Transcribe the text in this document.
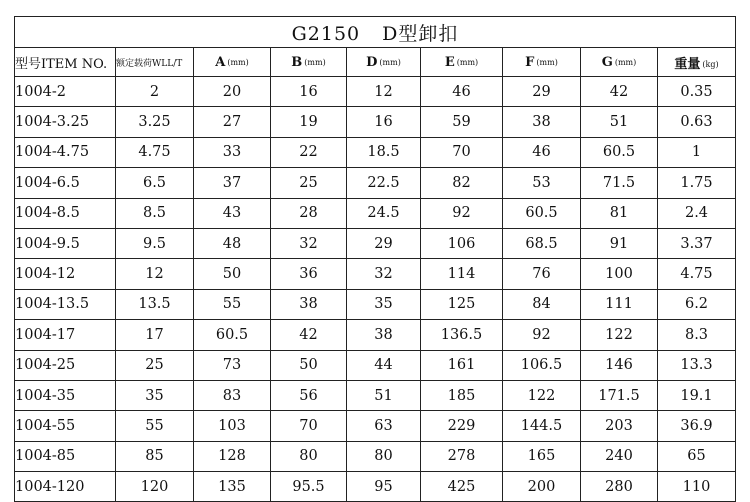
G2150 D型卸扣								
型号ITEM NO.	额定载荷WLL/T	A (mm)	B (mm)	D (mm)	E (mm)	F (mm)	G (mm)	重量 (kg)
1004-2	2	20	16	12	46	29	42	0.35
1004-3.25	3.25	27	19	16	59	38	51	0.63
1004-4.75	4.75	33	22	18.5	70	46	60.5	1
1004-6.5	6.5	37	25	22.5	82	53	71.5	1.75
1004-8.5	8.5	43	28	24.5	92	60.5	81	2.4
1004-9.5	9.5	48	32	29	106	68.5	91	3.37
1004-12	12	50	36	32	114	76	100	4.75
1004-13.5	13.5	55	38	35	125	84	111	6.2
1004-17	17	60.5	42	38	136.5	92	122	8.3
1004-25	25	73	50	44	161	106.5	146	13.3
1004-35	35	83	56	51	185	122	171.5	19.1
1004-55	55	103	70	63	229	144.5	203	36.9
1004-85	85	128	80	80	278	165	240	65
1004-120	120	135	95.5	95	425	200	280	110
